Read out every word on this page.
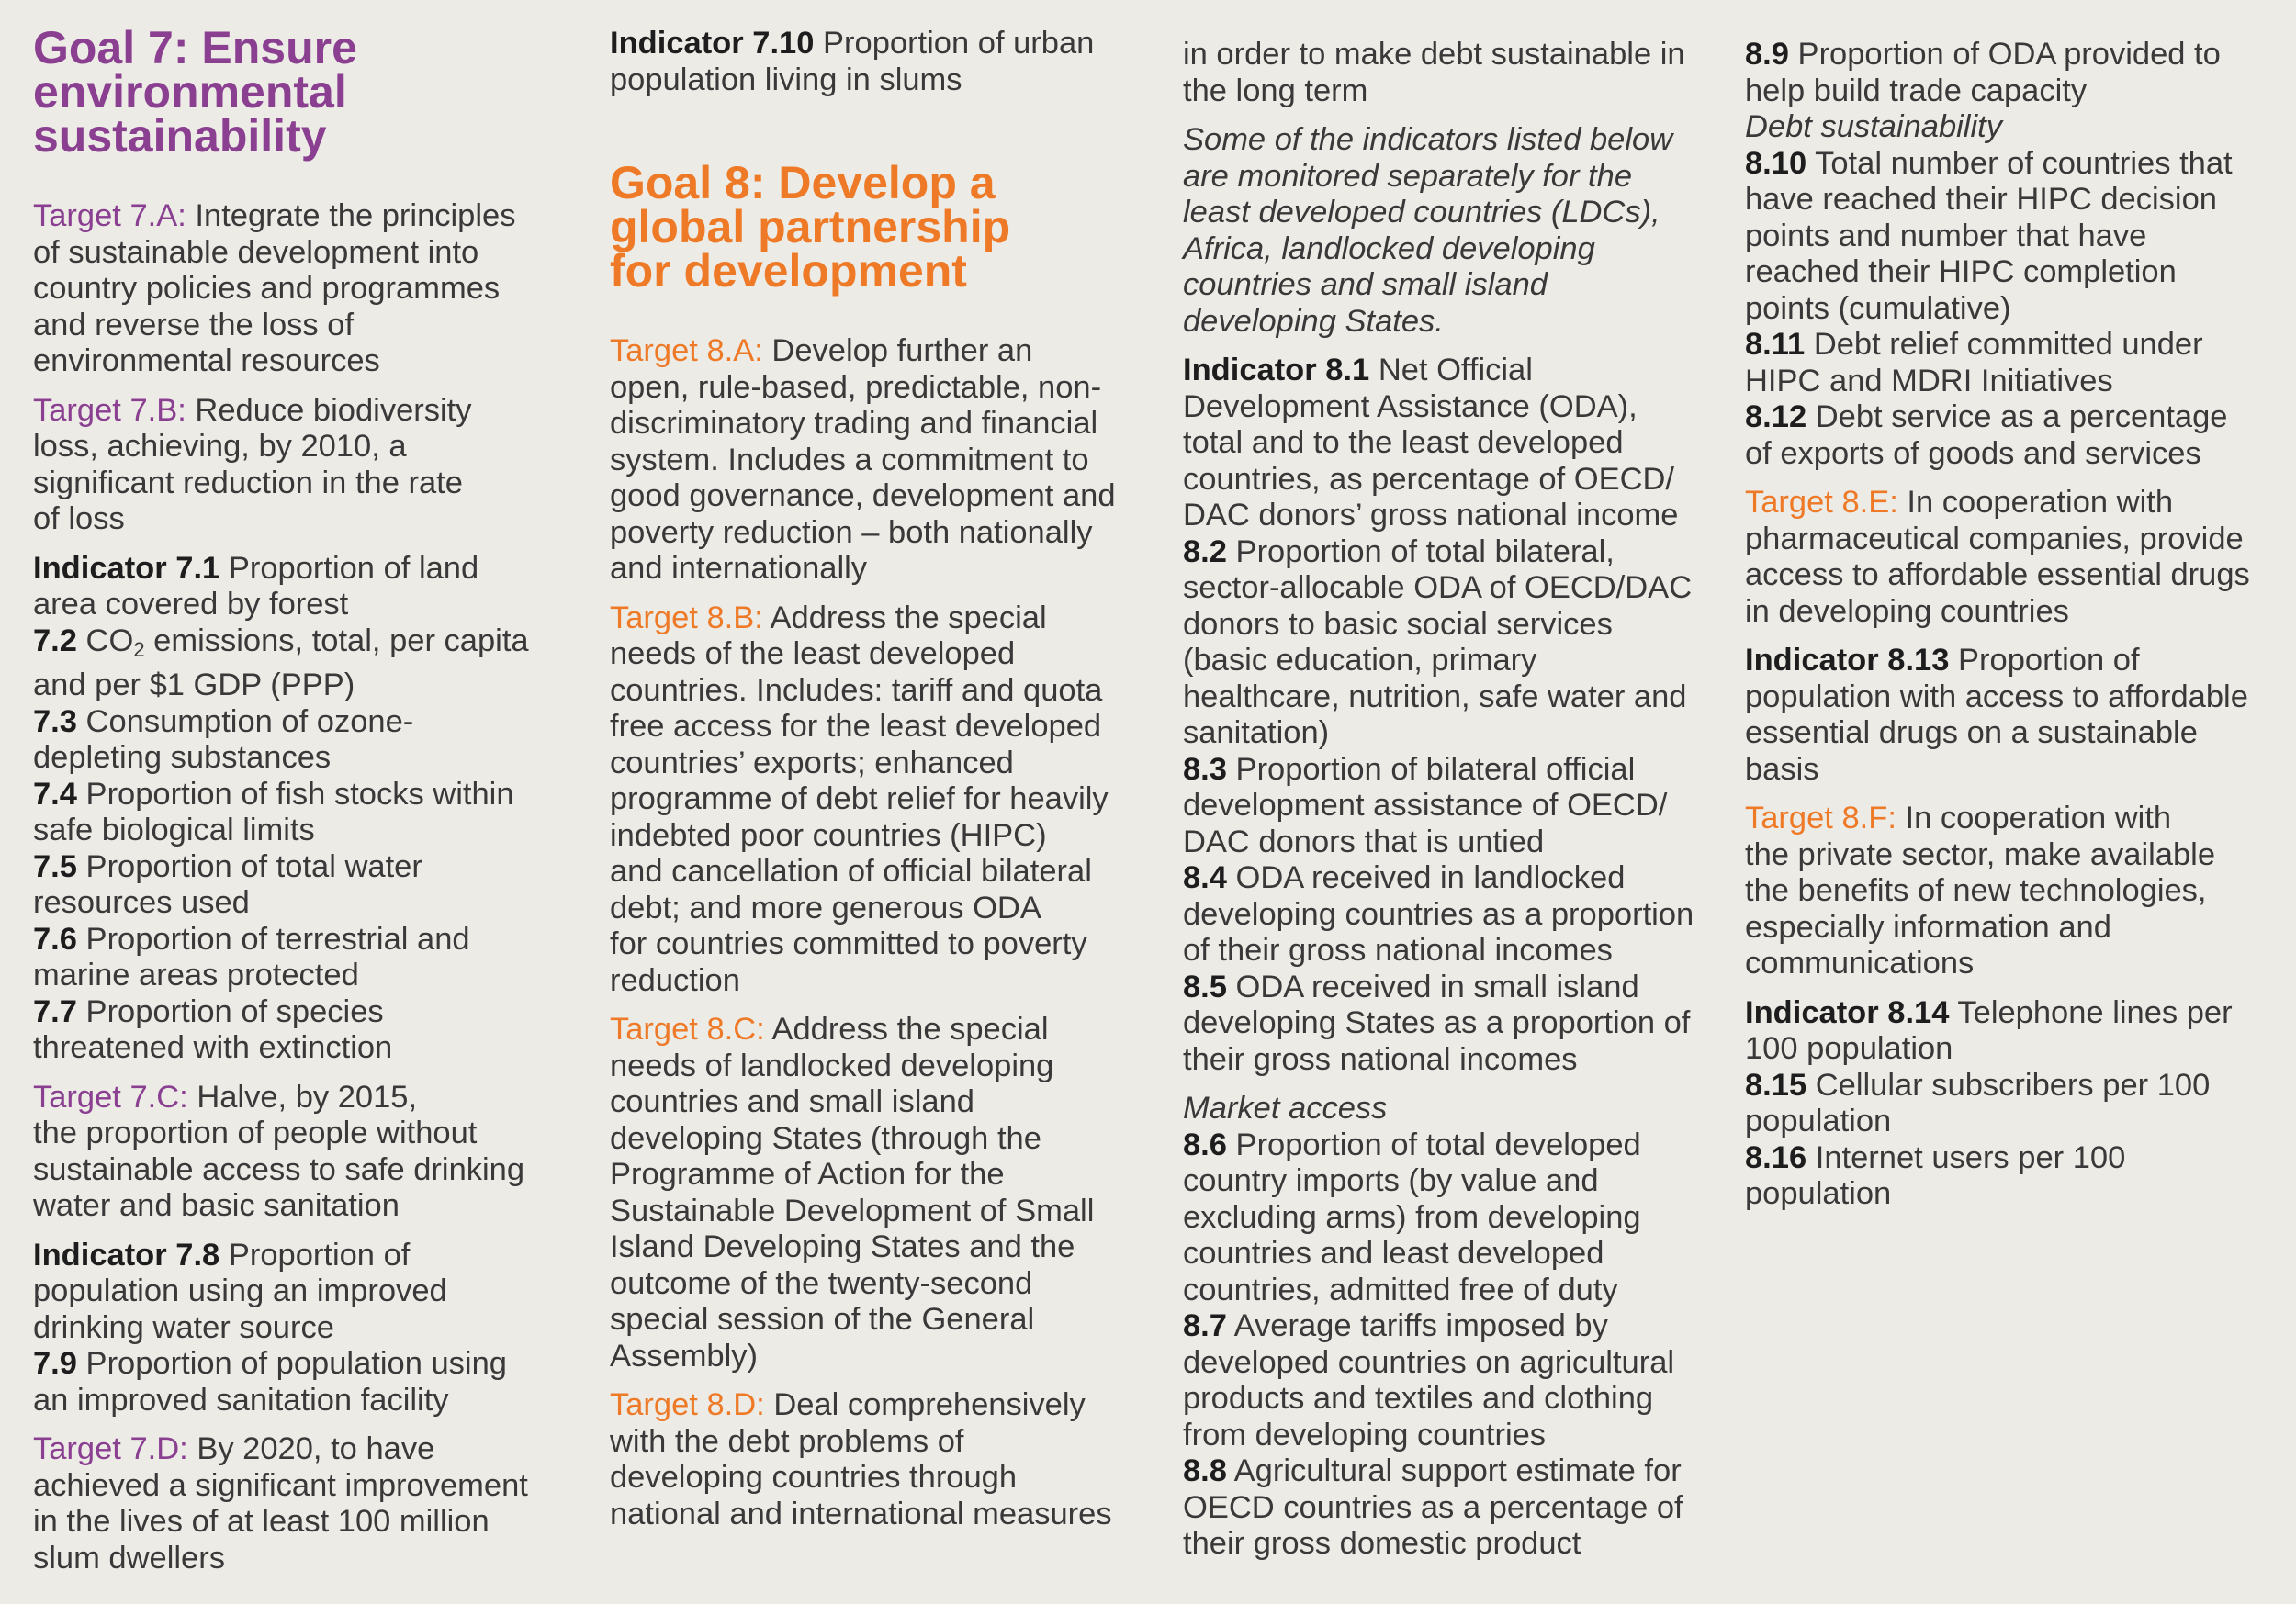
Goal 7: Ensure
environmental
sustainability
Target 7.A: Integrate the principles
of sustainable development into
country policies and programmes
and reverse the loss of
environmental resources
Target 7.B: Reduce biodiversity
loss, achieving, by 2010, a
significant reduction in the rate
of loss
Indicator 7.1 Proportion of land
area covered by forest
7.2 $CO_2$ emissions, total, per capita
and per $1 GDP (PPP)
7.3 Consumption of ozone-
depleting substances
7.4 Proportion of fish stocks within
safe biological limits
7.5 Proportion of total water
resources used
7.6 Proportion of terrestrial and
marine areas protected
7.7 Proportion of species
threatened with extinction
Target 7.C: Halve, by 2015,
the proportion of people without
sustainable access to safe drinking
water and basic sanitation
Indicator 7.8 Proportion of
population using an improved
drinking water source
7.9 Proportion of population using
an improved sanitation facility
Target 7.D: By 2020, to have
achieved a significant improvement
in the lives of at least 100 million
slum dwellers
Indicator 7.10 Proportion of urban
population living in slums
Goal 8: Develop a
global partnership
for development
Target 8.A: Develop further an
open, rule-based, predictable, non-
discriminatory trading and financial
system. Includes a commitment to
good governance, development and
poverty reduction – both nationally
and internationally
Target 8.B: Address the special
needs of the least developed
countries. Includes: tariff and quota
free access for the least developed
countries’ exports; enhanced
programme of debt relief for heavily
indebted poor countries (HIPC)
and cancellation of official bilateral
debt; and more generous ODA
for countries committed to poverty
reduction
Target 8.C: Address the special
needs of landlocked developing
countries and small island
developing States (through the
Programme of Action for the
Sustainable Development of Small
Island Developing States and the
outcome of the twenty-second
special session of the General
Assembly)
Target 8.D: Deal comprehensively
with the debt problems of
developing countries through
national and international measures
in order to make debt sustainable in
the long term
Some of the indicators listed below
are monitored separately for the
least developed countries (LDCs),
Africa, landlocked developing
countries and small island
developing States.
Indicator 8.1 Net Official
Development Assistance (ODA),
total and to the least developed
countries, as percentage of OECD/
DAC donors’ gross national income
8.2 Proportion of total bilateral,
sector-allocable ODA of OECD/DAC
donors to basic social services
(basic education, primary
healthcare, nutrition, safe water and
sanitation)
8.3 Proportion of bilateral official
development assistance of OECD/
DAC donors that is untied
8.4 ODA received in landlocked
developing countries as a proportion
of their gross national incomes
8.5 ODA received in small island
developing States as a proportion of
their gross national incomes
Market access
8.6 Proportion of total developed
country imports (by value and
excluding arms) from developing
countries and least developed
countries, admitted free of duty
8.7 Average tariffs imposed by
developed countries on agricultural
products and textiles and clothing
from developing countries
8.8 Agricultural support estimate for
OECD countries as a percentage of
their gross domestic product
8.9 Proportion of ODA provided to
help build trade capacity
Debt sustainability
8.10 Total number of countries that
have reached their HIPC decision
points and number that have
reached their HIPC completion
points (cumulative)
8.11 Debt relief committed under
HIPC and MDRI Initiatives
8.12 Debt service as a percentage
of exports of goods and services
Target 8.E: In cooperation with
pharmaceutical companies, provide
access to affordable essential drugs
in developing countries
Indicator 8.13 Proportion of
population with access to affordable
essential drugs on a sustainable
basis
Target 8.F: In cooperation with
the private sector, make available
the benefits of new technologies,
especially information and
communications
Indicator 8.14 Telephone lines per
100 population
8.15 Cellular subscribers per 100
population
8.16 Internet users per 100
population
